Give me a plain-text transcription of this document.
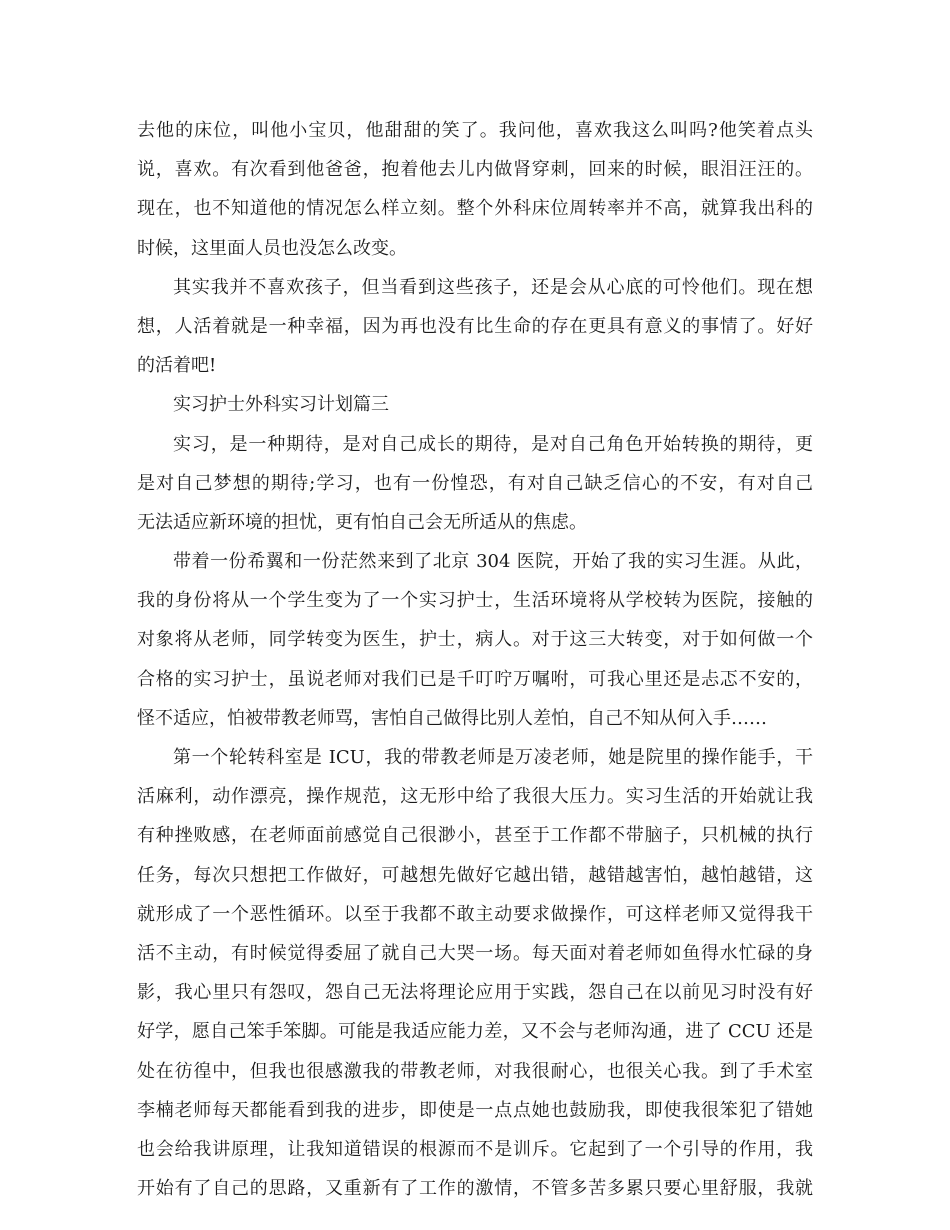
去他的床位，叫他小宝贝，他甜甜的笑了。我问他，喜欢我这么叫吗?他笑着点头
说，喜欢。有次看到他爸爸，抱着他去儿内做肾穿刺，回来的时候，眼泪汪汪的。
现在，也不知道他的情况怎么样立刻。整个外科床位周转率并不高，就算我出科的
时候，这里面人员也没怎么改变。
其实我并不喜欢孩子，但当看到这些孩子，还是会从心底的可怜他们。现在想
想，人活着就是一种幸福，因为再也没有比生命的存在更具有意义的事情了。好好
的活着吧!
实习护士外科实习计划篇三
实习，是一种期待，是对自己成长的期待，是对自己角色开始转换的期待，更
是对自己梦想的期待;学习，也有一份惶恐，有对自己缺乏信心的不安，有对自己
无法适应新环境的担忧，更有怕自己会无所适从的焦虑。
带着一份希翼和一份茫然来到了北京 304 医院，开始了我的实习生涯。从此，
我的身份将从一个学生变为了一个实习护士，生活环境将从学校转为医院，接触的
对象将从老师，同学转变为医生，护士，病人。对于这三大转变，对于如何做一个
合格的实习护士，虽说老师对我们已是千叮咛万嘱咐，可我心里还是忐忑不安的，
怪不适应，怕被带教老师骂，害怕自己做得比别人差怕，自己不知从何入手……
第一个轮转科室是 ICU，我的带教老师是万凌老师，她是院里的操作能手，干
活麻利，动作漂亮，操作规范，这无形中给了我很大压力。实习生活的开始就让我
有种挫败感，在老师面前感觉自己很渺小，甚至于工作都不带脑子，只机械的执行
任务，每次只想把工作做好，可越想先做好它越出错，越错越害怕，越怕越错，这
就形成了一个恶性循环。以至于我都不敢主动要求做操作，可这样老师又觉得我干
活不主动，有时候觉得委屈了就自己大哭一场。每天面对着老师如鱼得水忙碌的身
影，我心里只有怨叹，怨自己无法将理论应用于实践，怨自己在以前见习时没有好
好学，愿自己笨手笨脚。可能是我适应能力差，又不会与老师沟通，进了 CCU 还是
处在彷徨中，但我也很感激我的带教老师，对我很耐心，也很关心我。到了手术室
李楠老师每天都能看到我的进步，即使是一点点她也鼓励我，即使我很笨犯了错她
也会给我讲原理，让我知道错误的根源而不是训斥。它起到了一个引导的作用，我
开始有了自己的思路，又重新有了工作的激情，不管多苦多累只要心里舒服，我就
